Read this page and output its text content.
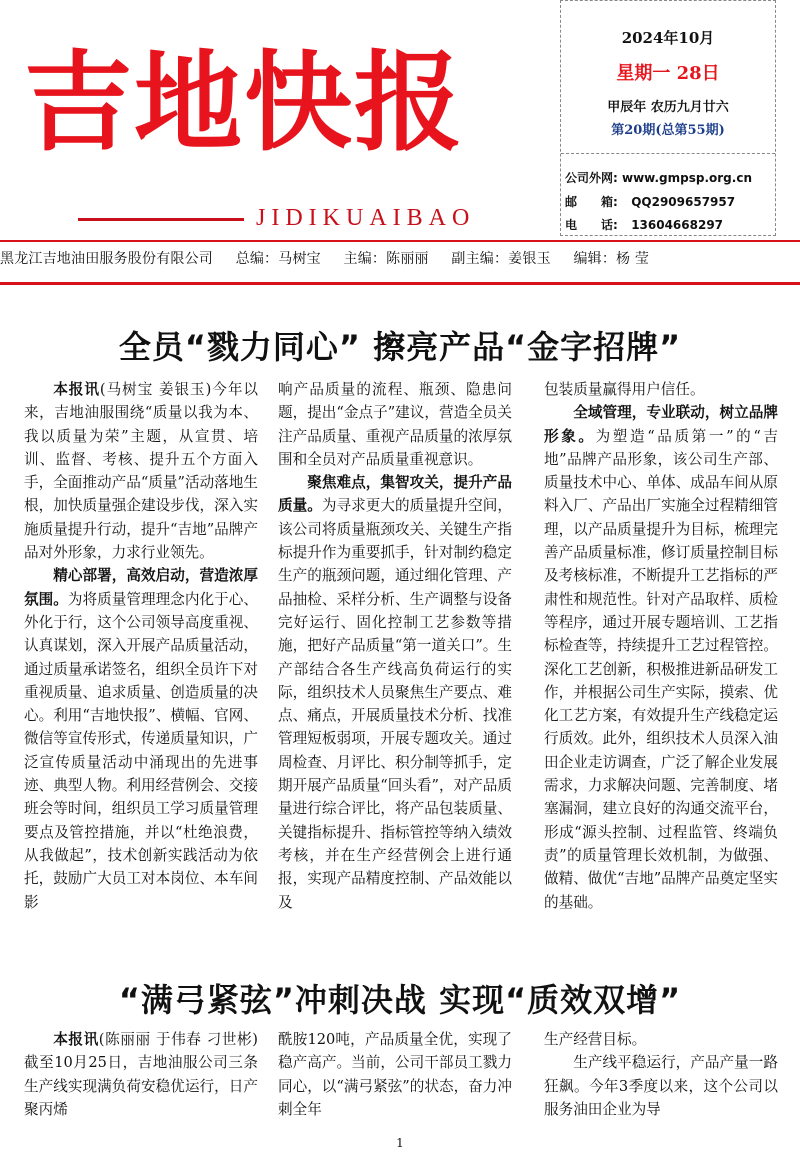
吉地快报
JIDIKUAIBAO
2024年10月
星期一 28日
甲辰年 农历九月廿六
第20期(总第55期)
公司外网: www.gmpsp.org.cn
邮　　箱: QQ2909657957
电　　话: 13604668297
黑龙江吉地油田服务股份有限公司 总编：马树宝 主编：陈丽丽 副主编：姜银玉 编辑：杨 莹
全员“戮力同心” 擦亮产品“金字招牌”

本报讯(马树宝 姜银玉)今年以来，吉地油服围绕“质量以我为本、我以质量为荣”主题，从宣贯、培训、监督、考核、提升五个方面入手，全面推动产品“质量”活动落地生根，加快质量强企建设步伐，深入实施质量提升行动，提升“吉地”品牌产品对外形象，力求行业领先。

精心部署，高效启动，营造浓厚氛围。为将质量管理理念内化于心、外化于行，这个公司领导高度重视、认真谋划，深入开展产品质量活动，通过质量承诺签名，组织全员许下对重视质量、追求质量、创造质量的决心。利用“吉地快报”、横幅、官网、微信等宣传形式，传递质量知识，广泛宣传质量活动中涌现出的先进事迹、典型人物。利用经营例会、交接班会等时间，组织员工学习质量管理要点及管控措施，并以“杜绝浪费，从我做起”，技术创新实践活动为依托，鼓励广大员工对本岗位、本车间影

响产品质量的流程、瓶颈、隐患问题，提出“金点子”建议，营造全员关注产品质量、重视产品质量的浓厚氛围和全员对产品质量重视意识。

聚焦难点，集智攻关，提升产品质量。为寻求更大的质量提升空间，该公司将质量瓶颈攻关、关键生产指标提升作为重要抓手，针对制约稳定生产的瓶颈问题，通过细化管理、产品抽检、采样分析、生产调整与设备完好运行、固化控制工艺参数等措施，把好产品质量“第一道关口”。生产部结合各生产线高负荷运行的实际，组织技术人员聚焦生产要点、难点、痛点，开展质量技术分析、找准管理短板弱项，开展专题攻关。通过周检查、月评比、积分制等抓手，定期开展产品质量“回头看”，对产品质量进行综合评比，将产品包装质量、关键指标提升、指标管控等纳入绩效考核，并在生产经营例会上进行通报，实现产品精度控制、产品效能以及

包装质量赢得用户信任。

全域管理，专业联动，树立品牌形象。为塑造“品质第一”的“吉地”品牌产品形象，该公司生产部、质量技术中心、单体、成品车间从原料入厂、产品出厂实施全过程精细管理，以产品质量提升为目标，梳理完善产品质量标准，修订质量控制目标及考核标准，不断提升工艺指标的严肃性和规范性。针对产品取样、质检等程序，通过开展专题培训、工艺指标检查等，持续提升工艺过程管控。深化工艺创新，积极推进新品研发工作，并根据公司生产实际，摸索、优化工艺方案，有效提升生产线稳定运行质效。此外，组织技术人员深入油田企业走访调查，广泛了解企业发展需求，力求解决问题、完善制度、堵塞漏洞，建立良好的沟通交流平台，形成“源头控制、过程监管、终端负责”的质量管理长效机制，为做强、做精、做优“吉地”品牌产品奠定坚实的基础。

“满弓紧弦”冲刺决战 实现“质效双增”

本报讯(陈丽丽 于伟春 刁世彬)截至10月25日，吉地油服公司三条生产线实现满负荷安稳优运行，日产聚丙烯

酰胺120吨，产品质量全优，实现了稳产高产。当前，公司干部员工戮力同心，以“满弓紧弦”的状态，奋力冲刺全年

生产经营目标。

生产线平稳运行，产品产量一路狂飙。今年3季度以来，这个公司以服务油田企业为导

1
